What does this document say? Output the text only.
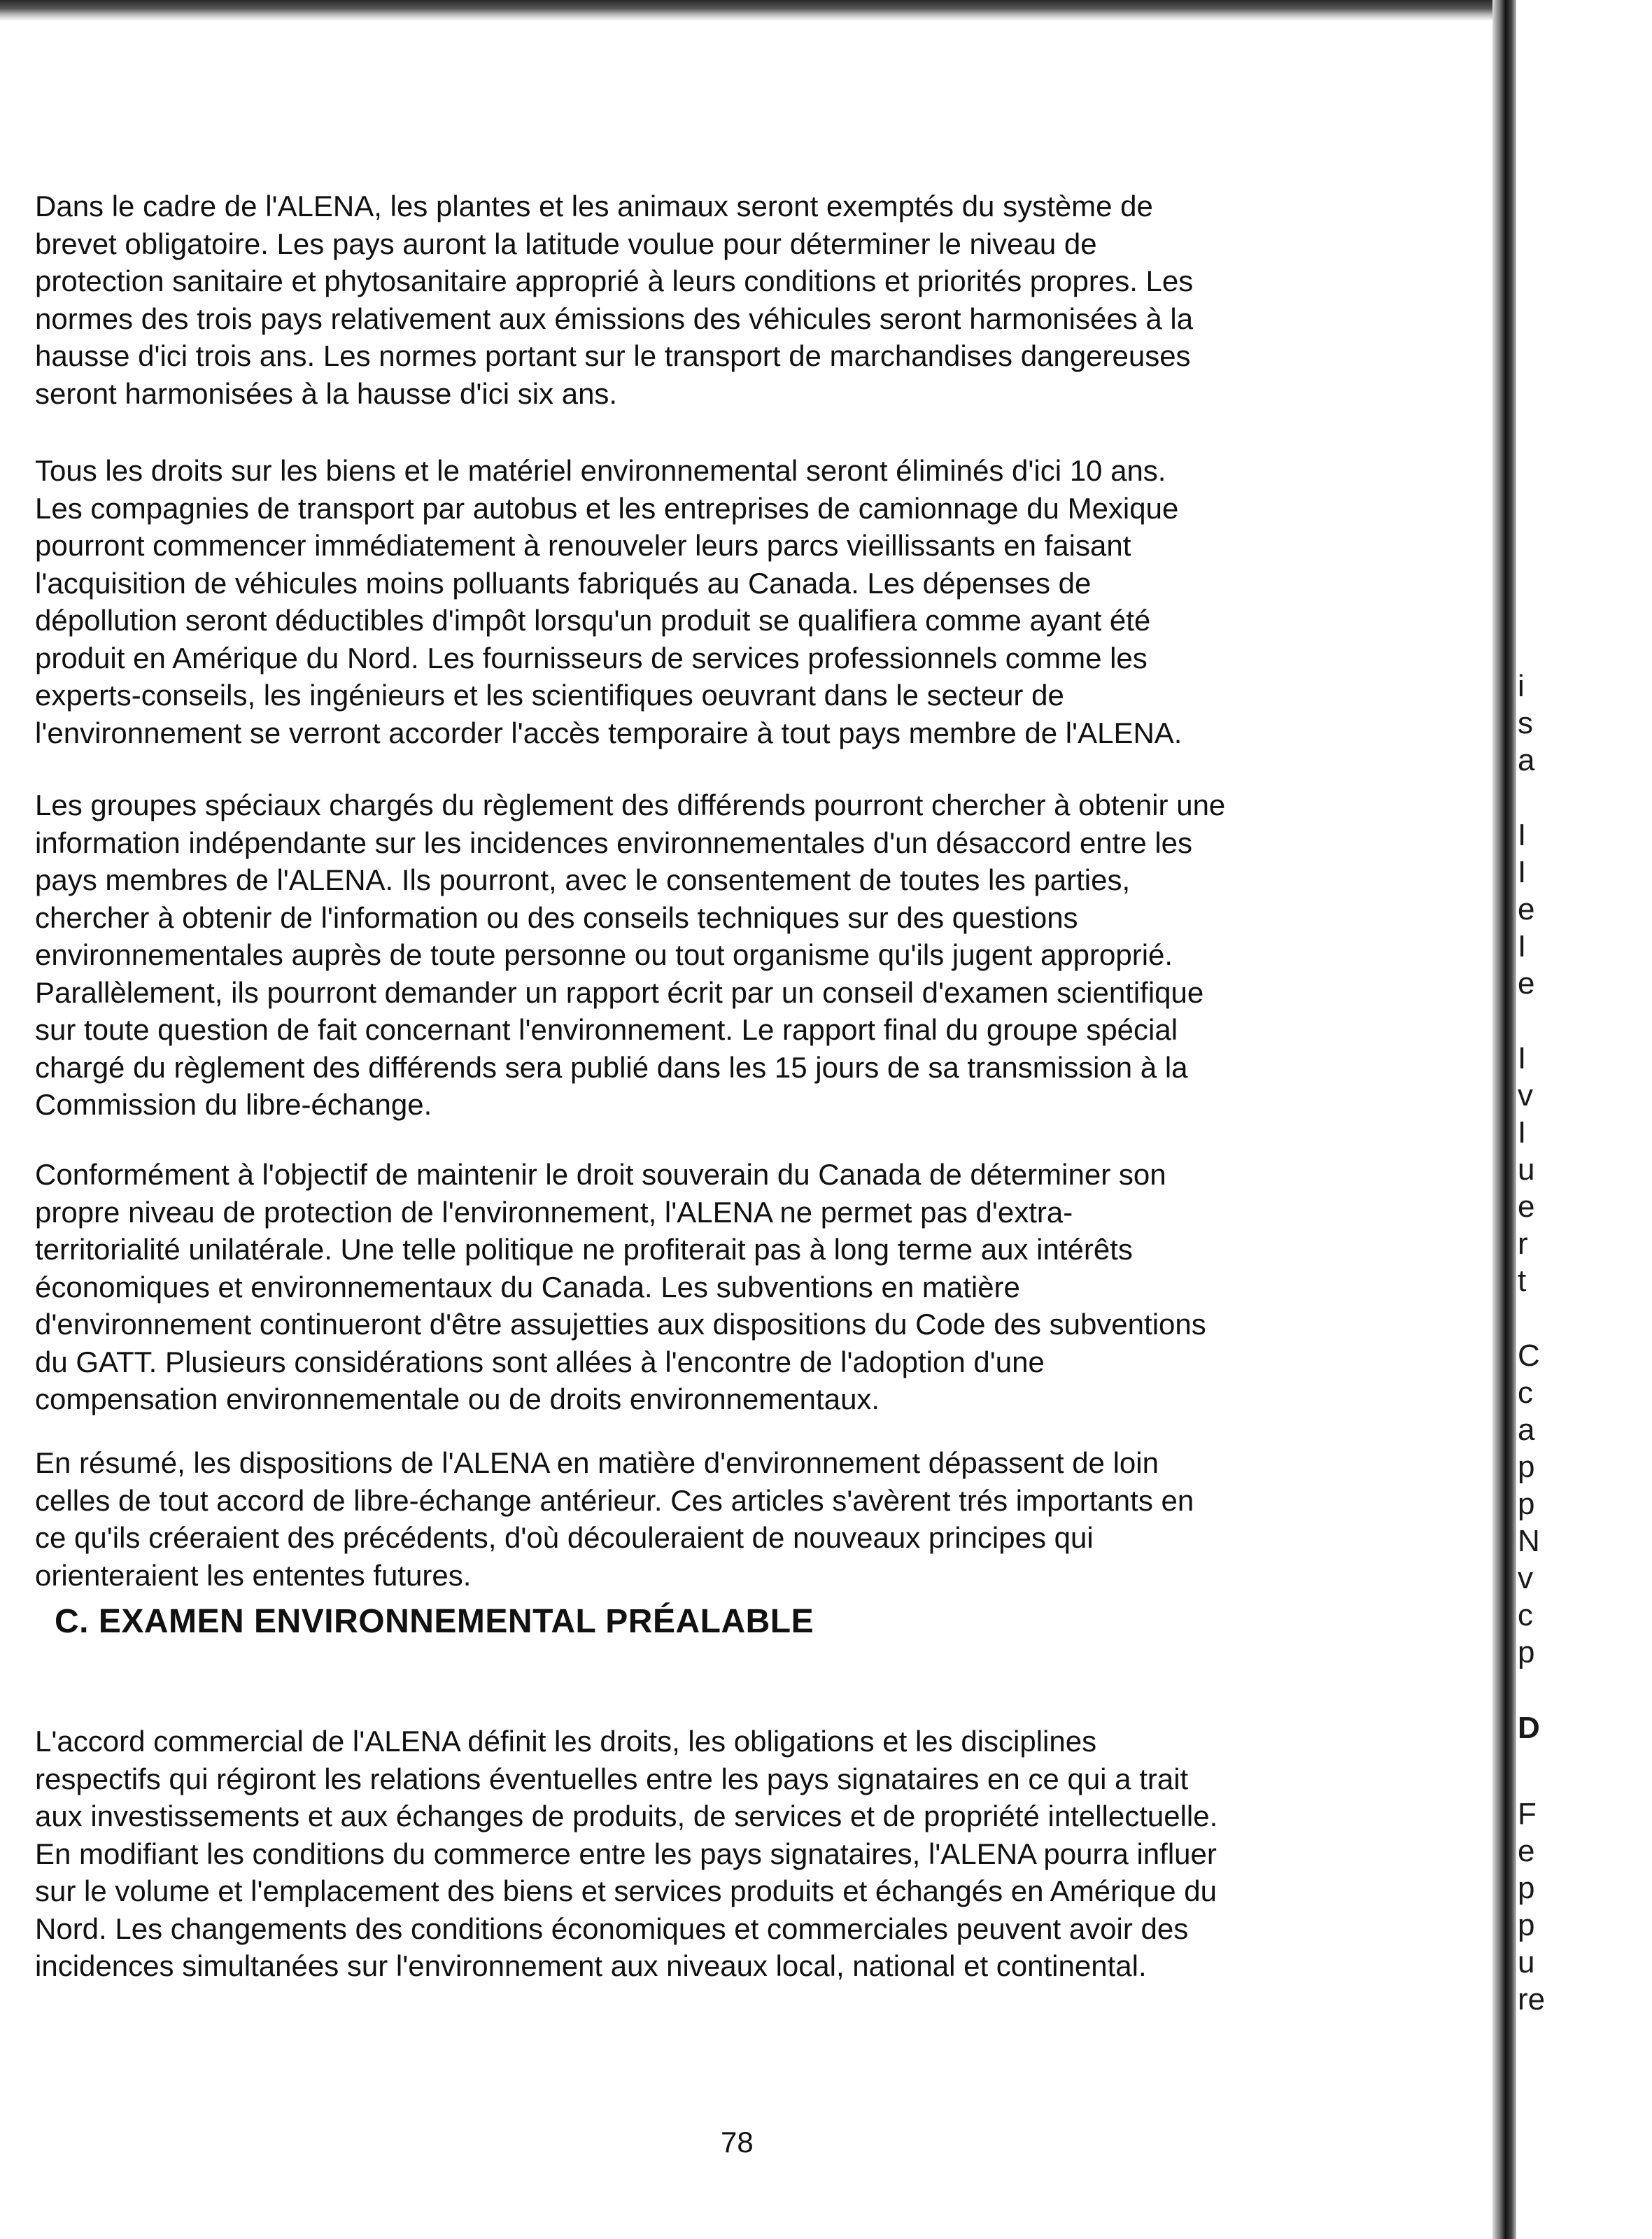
Dans le cadre de l'ALENA, les plantes et les animaux seront exemptés du système de
brevet obligatoire. Les pays auront la latitude voulue pour déterminer le niveau de
protection sanitaire et phytosanitaire approprié à leurs conditions et priorités propres. Les
normes des trois pays relativement aux émissions des véhicules seront harmonisées à la
hausse d'ici trois ans. Les normes portant sur le transport de marchandises dangereuses
seront harmonisées à la hausse d'ici six ans.

Tous les droits sur les biens et le matériel environnemental seront éliminés d'ici 10 ans.
Les compagnies de transport par autobus et les entreprises de camionnage du Mexique
pourront commencer immédiatement à renouveler leurs parcs vieillissants en faisant
l'acquisition de véhicules moins polluants fabriqués au Canada. Les dépenses de
dépollution seront déductibles d'impôt lorsqu'un produit se qualifiera comme ayant été
produit en Amérique du Nord. Les fournisseurs de services professionnels comme les
experts-conseils, les ingénieurs et les scientifiques oeuvrant dans le secteur de
l'environnement se verront accorder l'accès temporaire à tout pays membre de l'ALENA.

Les groupes spéciaux chargés du règlement des différends pourront chercher à obtenir une
information indépendante sur les incidences environnementales d'un désaccord entre les
pays membres de l'ALENA. Ils pourront, avec le consentement de toutes les parties,
chercher à obtenir de l'information ou des conseils techniques sur des questions
environnementales auprès de toute personne ou tout organisme qu'ils jugent approprié.
Parallèlement, ils pourront demander un rapport écrit par un conseil d'examen scientifique
sur toute question de fait concernant l'environnement. Le rapport final du groupe spécial
chargé du règlement des différends sera publié dans les 15 jours de sa transmission à la
Commission du libre-échange.

Conformément à l'objectif de maintenir le droit souverain du Canada de déterminer son
propre niveau de protection de l'environnement, l'ALENA ne permet pas d'extra-
territorialité unilatérale. Une telle politique ne profiterait pas à long terme aux intérêts
économiques et environnementaux du Canada. Les subventions en matière
d'environnement continueront d'être assujetties aux dispositions du Code des subventions
du GATT. Plusieurs considérations sont allées à l'encontre de l'adoption d'une
compensation environnementale ou de droits environnementaux.

En résumé, les dispositions de l'ALENA en matière d'environnement dépassent de loin
celles de tout accord de libre-échange antérieur. Ces articles s'avèrent trés importants en
ce qu'ils créeraient des précédents, d'où découleraient de nouveaux principes qui
orienteraient les ententes futures.

C. EXAMEN ENVIRONNEMENTAL PRÉALABLE

L'accord commercial de l'ALENA définit les droits, les obligations et les disciplines
respectifs qui régiront les relations éventuelles entre les pays signataires en ce qui a trait
aux investissements et aux échanges de produits, de services et de propriété intellectuelle.
En modifiant les conditions du commerce entre les pays signataires, l'ALENA pourra influer
sur le volume et l'emplacement des biens et services produits et échangés en Amérique du
Nord. Les changements des conditions économiques et commerciales peuvent avoir des
incidences simultanées sur l'environnement aux niveaux local, national et continental.

78
i
s
a
I
I
e
I
e
I
v
I
u
e
r
t
C
c
a
p
p
N
v
c
p
D
F
e
p
p
u
re
